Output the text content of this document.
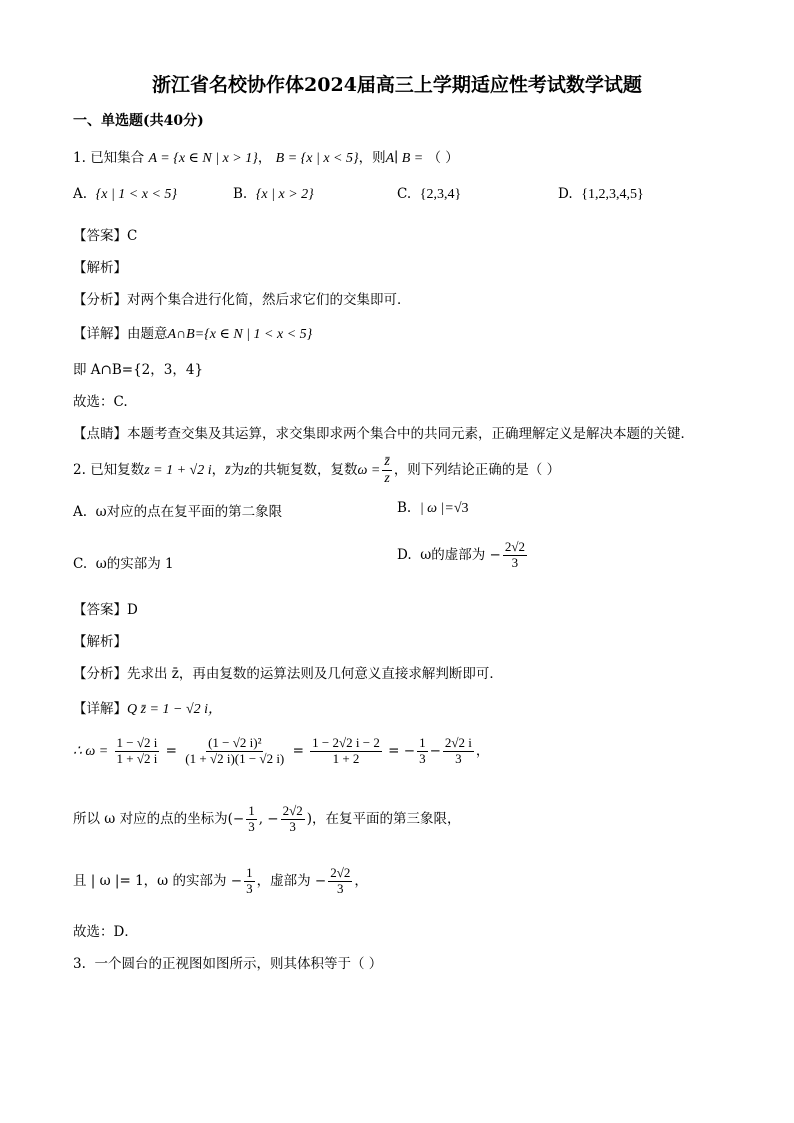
浙江省名校协作体2024届高三上学期适应性考试数学试题
一、单选题(共40分)
1. 已知集合 A = {x ∈ N | x > 1}， B = {x | x < 5}，则A∣ B = （ ）
A. {x | 1 < x < 5}	B. {x | x > 2}	C. {2,3,4}	D. {1,2,3,4,5}
【答案】C
【解析】
【分析】对两个集合进行化简，然后求它们的交集即可．
【详解】由题意A∩B={x ∈ N | 1 < x < 5}
即 A∩B={2，3，4}
故选：C.
【点睛】本题考查交集及其运算，求交集即求两个集合中的共同元素，正确理解定义是解决本题的关键．
2. 已知复数z = 1 + √2 i，z̄为z的共轭复数，复数$\omega = \frac{z̄}{z}$ ，则下列结论正确的是（ ）
A. ω对应的点在复平面的第二象限	B. | ω |=√3
C. ω的实部为 1
D. ω的虚部为 − $\frac{2√2}{3}$
【答案】D
【解析】
【分析】先求出 z̄，再由复数的运算法则及几何意义直接求解判断即可．
【详解】Q z̄ = 1 − √2 i，
∴ $\omega = \frac{1 - √2 i}{1 + √2 i} = \frac{\text{(1 − √2 i)²}}{(1 + √2 i)(1 - √2 i)} = \frac{1 - 2√2 i - 2}{1 + 2}$ = − $\frac{1}{3} - \frac{2√2 i}{3}$ ，
所以 ω 对应的点的坐标为(− $\frac{1}{3}$ , − $\frac{2√2}{3}$ )，在复平面的第三象限，
且 | ω |= 1，ω 的实部为 − $\frac{1}{3}$ ，虚部为 − $\frac{2√2}{3}$ ，
故选：D．
3. 一个圆台的正视图如图所示，则其体积等于（ ）
